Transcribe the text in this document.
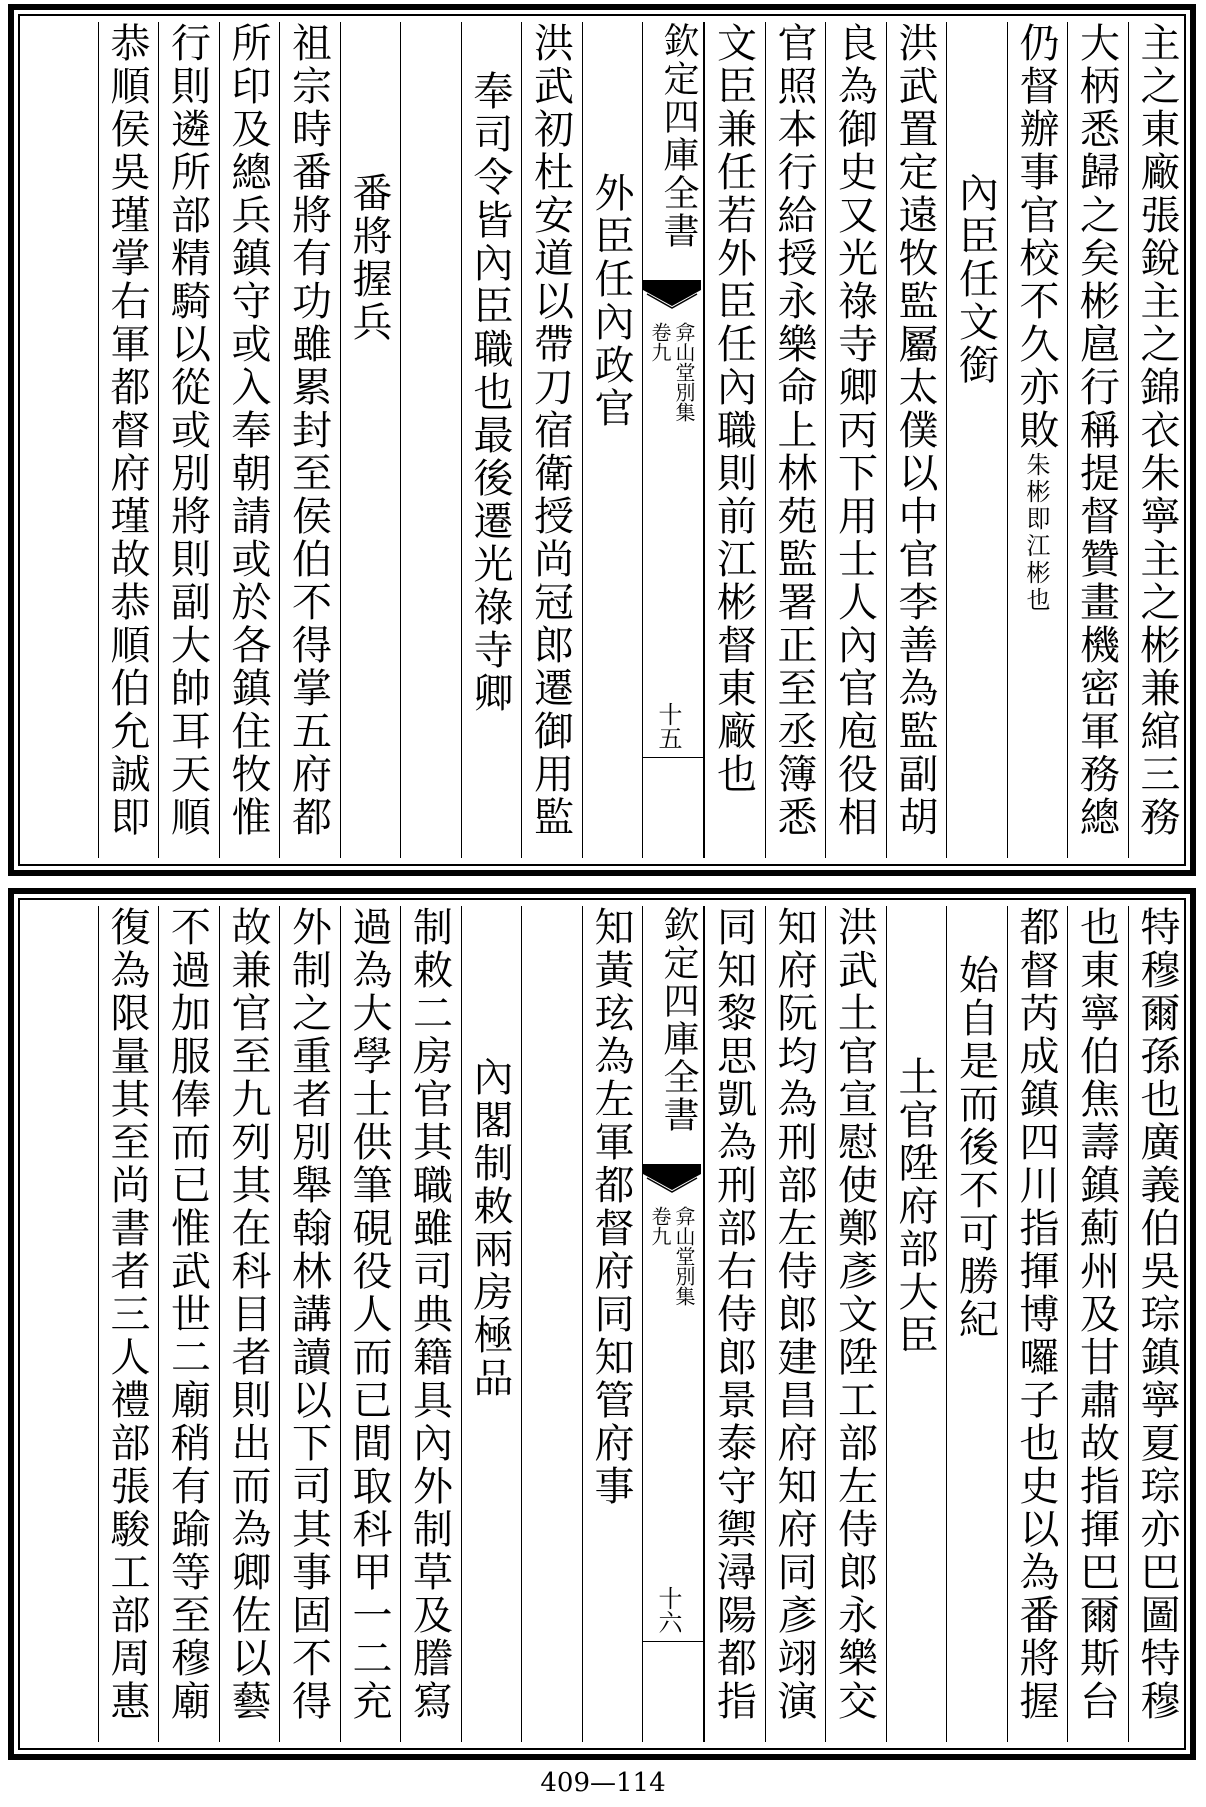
主之東廠張銳主之錦衣朱寧主之彬兼綰三務
大柄悉歸之矣彬扈行稱提督贊畫機密軍務總
仍督辦事官校不久亦敗朱彬即江彬也
內臣任文銜
洪武置定遠牧監屬太僕以中官李善為監副胡
良為御史又光祿寺卿丙下用士人內官庖役相
官照本行給授永樂命上林苑監署正至丞簿悉
文臣兼任若外臣任內職則前江彬督東廠也
欽定四庫全書
弇山堂別集
卷九
十五
外臣任內政官
洪武初杜安道以帶刀宿衛授尚冠郎遷御用監
奉司令皆內臣職也最後遷光祿寺卿
番將握兵
祖宗時番將有功雖累封至侯伯不得掌五府都
所印及總兵鎮守或入奉朝請或於各鎮住牧惟
行則遴所部精騎以從或別將則副大帥耳天順
恭順侯吳瑾掌右軍都督府瑾故恭順伯允誠即
特穆爾孫也廣義伯吳琮鎮寧夏琮亦巴圖特穆
也東寧伯焦壽鎮薊州及甘肅故指揮巴爾斯台
都督芮成鎮四川指揮博囉子也史以為番將握
始自是而後不可勝紀
土官陞府部大臣
洪武土官宣慰使鄭彥文陞工部左侍郎永樂交
知府阮均為刑部左侍郎建昌府知府同彥翊演
同知黎思凱為刑部右侍郎景泰守禦潯陽都指
欽定四庫全書
弇山堂別集
卷九
十六
知黃玹為左軍都督府同知管府事
內閣制敕兩房極品
制敕二房官其職雖司典籍具內外制草及謄寫
過為大學士供筆硯役人而已間取科甲一二充
外制之重者別舉翰林講讀以下司其事固不得
故兼官至九列其在科目者則出而為卿佐以藝
不過加服俸而已惟武世二廟稍有踰等至穆廟
復為限量其至尚書者三人禮部張駿工部周惠
409—114
